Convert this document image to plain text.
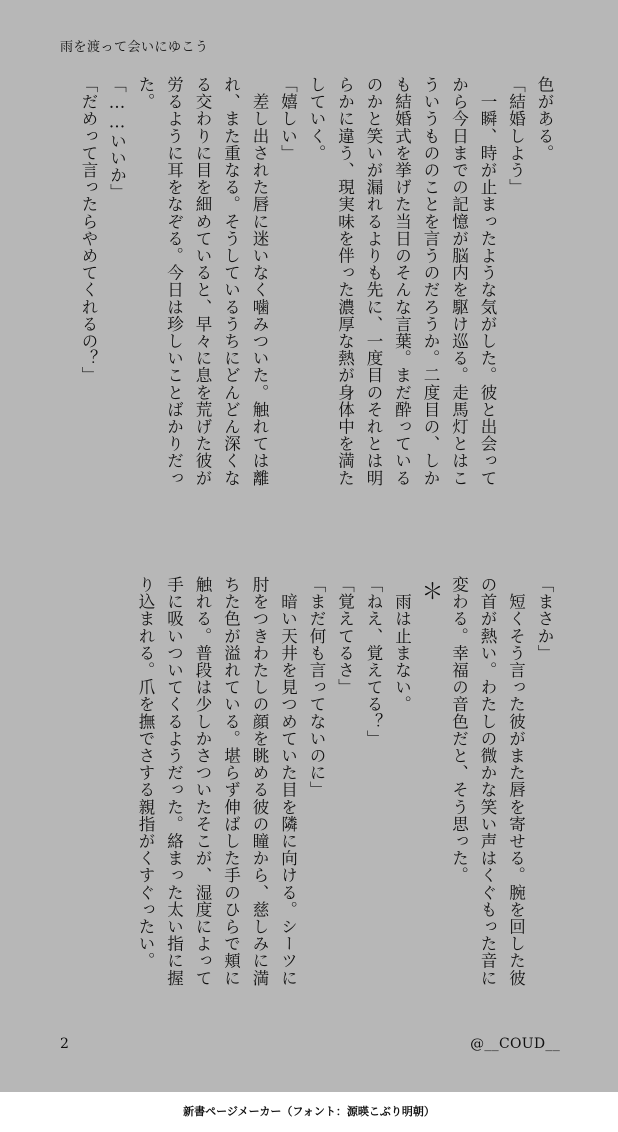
雨を渡って会いにゆこう
色がある。
「結婚しよう」
　一瞬、時が止まったような気がした。彼と出会って
から今日までの記憶が脳内を駆け巡る。走馬灯とはこ
ういうもののことを言うのだろうか。二度目の、しか
も結婚式を挙げた当日のそんな言葉。まだ酔っている
のかと笑いが漏れるよりも先に、一度目のそれとは明
らかに違う、現実味を伴った濃厚な熱が身体中を満た
していく。
「嬉しい」
　差し出された唇に迷いなく噛みついた。触れては離
れ、また重なる。そうしているうちにどんどん深くな
る交わりに目を細めていると、早々に息を荒げた彼が
労るように耳をなぞる。今日は珍しいことばかりだっ
た。
「……いいか」
「だめって言ったらやめてくれるの？」
「まさか」
　短くそう言った彼がまた唇を寄せる。腕を回した彼
の首が熱い。わたしの微かな笑い声はくぐもった音に
変わる。幸福の音色だと、そう思った。
＊
　雨は止まない。
「ねえ、覚えてる？」
「覚えてるさ」
「まだ何も言ってないのに」
　暗い天井を見つめていた目を隣に向ける。シーツに
肘をつきわたしの顔を眺める彼の瞳から、慈しみに満
ちた色が溢れている。堪らず伸ばした手のひらで頬に
触れる。普段は少しかさついたそこが、湿度によって
手に吸いついてくるようだった。絡まった太い指に握
り込まれる。爪を撫でさする親指がくすぐったい。
2	@__COUD__
新書ページメーカー（フォント：源暎こぶり明朝）
